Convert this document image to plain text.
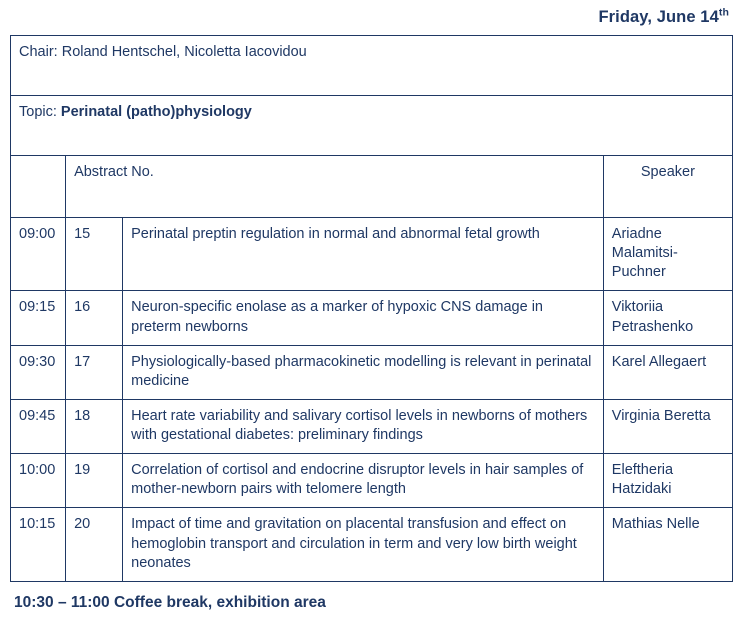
Friday, June 14th
Chair: Roland Hentschel, Nicoletta Iacovidou			
Topic: Perinatal (patho)physiology			
	Abstract No.		Speaker
09:00	15	Perinatal preptin regulation in normal and abnormal fetal growth	Ariadne Malamitsi-Puchner
09:15	16	Neuron-specific enolase as a marker of hypoxic CNS damage in preterm newborns	Viktoriia Petrashenko
09:30	17	Physiologically-based pharmacokinetic modelling is relevant in perinatal medicine	Karel Allegaert
09:45	18	Heart rate variability and salivary cortisol levels in newborns of mothers with gestational diabetes: preliminary findings	Virginia Beretta
10:00	19	Correlation of cortisol and endocrine disruptor levels in hair samples of mother-newborn pairs with telomere length	Eleftheria Hatzidaki
10:15	20	Impact of time and gravitation on placental transfusion and effect on hemoglobin transport and circulation in term and very low birth weight neonates	Mathias Nelle
10:30 – 11:00 Coffee break, exhibition area
